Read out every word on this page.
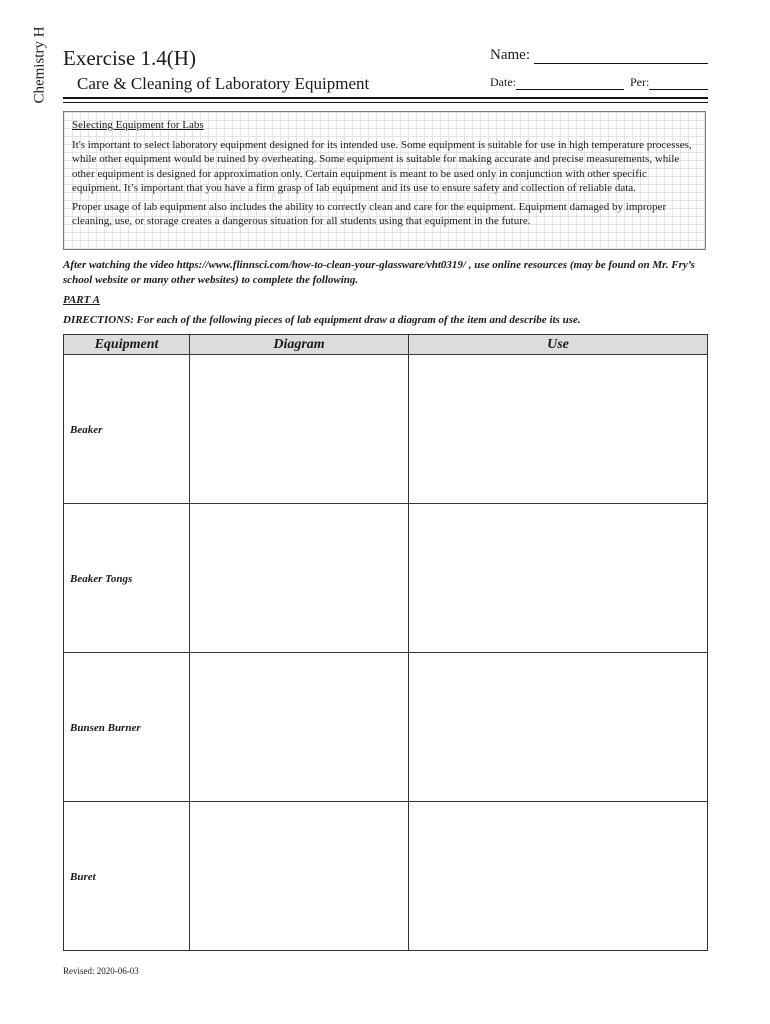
Chemistry H Exercise 1.4(H)
Care & Cleaning of Laboratory Equipment
Name:
Date:	Per:
Selecting Equipment for Labs

It's important to select laboratory equipment designed for its intended use. Some equipment is suitable for use in high temperature processes, while other equipment would be ruined by overheating. Some equipment is suitable for making accurate and precise measurements, while other equipment is designed for approximation only. Certain equipment is meant to be used only in conjunction with other specific equipment. It’s important that you have a firm grasp of lab equipment and its use to ensure safety and collection of reliable data.

Proper usage of lab equipment also includes the ability to correctly clean and care for the equipment. Equipment damaged by improper cleaning, use, or storage creates a dangerous situation for all students using that equipment in the future.

After watching the video https://www.flinnsci.com/how-to-clean-your-glassware/vht0319/ , use online resources (may be found on Mr. Fry’s school website or many other websites) to complete the following.
PART A
DIRECTIONS: For each of the following pieces of lab equipment draw a diagram of the item and describe its use.
Equipment	Diagram	Use
Beaker		
Beaker Tongs		
Bunsen Burner		
Buret		
Revised: 2020-06-03
